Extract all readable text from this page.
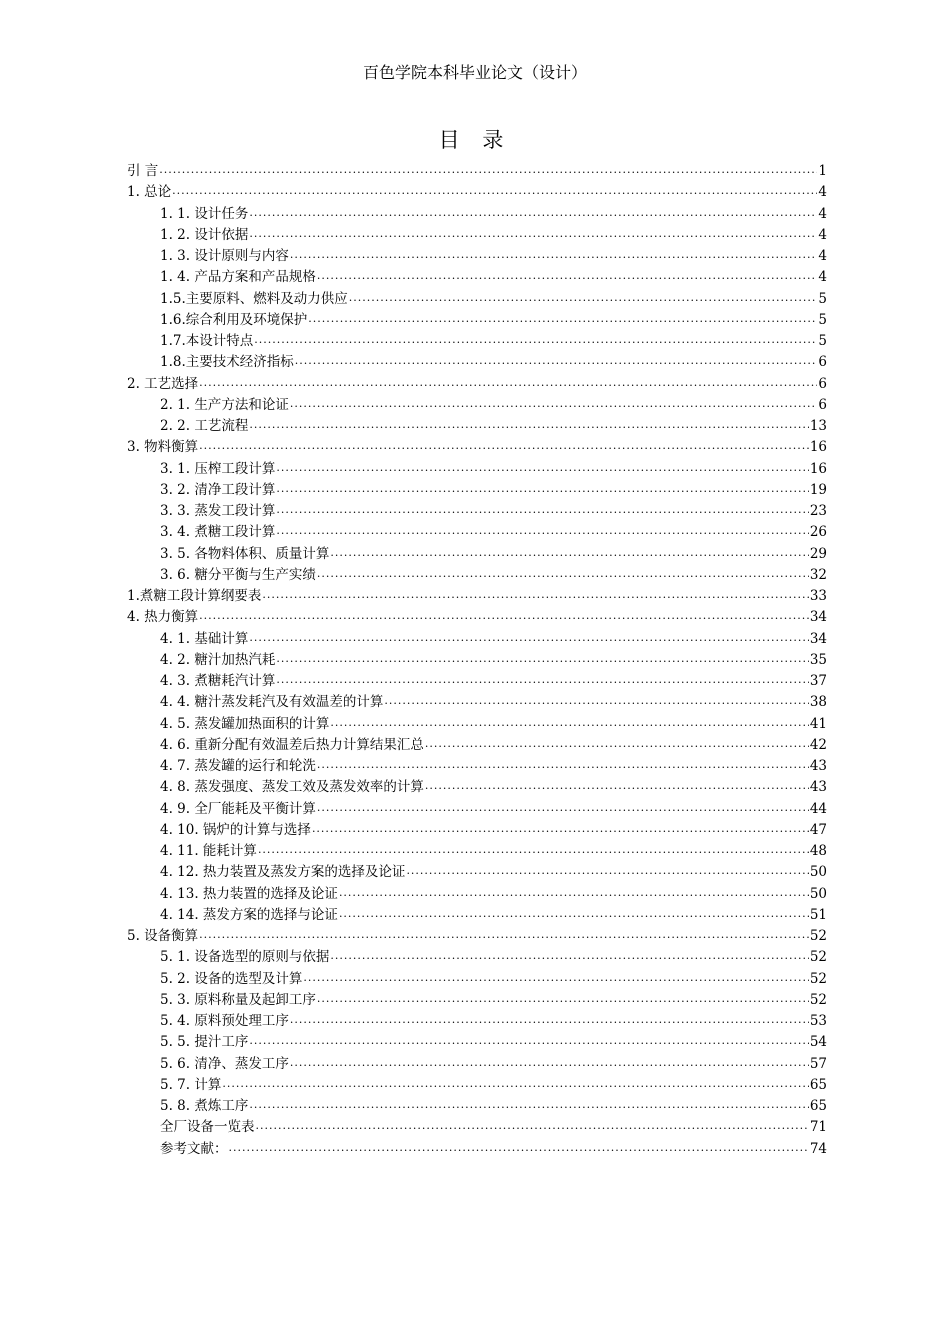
百色学院本科毕业论文（设计）
目 录
引 言 .....	1
1. 总论 .....	4
1. 1. 设计任务 .....	4
1. 2. 设计依据 .....	4
1. 3. 设计原则与内容 .....	4
1. 4. 产品方案和产品规格 .....	4
1.5.主要原料、燃料及动力供应 .....	5
1.6.综合利用及环境保护 .....	5
1.7.本设计特点 .....	5
1.8.主要技术经济指标 .....	6
2. 工艺选择 .....	6
2. 1. 生产方法和论证 .....	6
2. 2. 工艺流程 .....	13
3. 物料衡算 .....	16
3. 1. 压榨工段计算 .....	16
3. 2. 清净工段计算 .....	19
3. 3. 蒸发工段计算 .....	23
3. 4. 煮糖工段计算 .....	26
3. 5. 各物料体积、质量计算 .....	29
3. 6. 糖分平衡与生产实绩 .....	32
1.煮糖工段计算纲要表 .....	33
4. 热力衡算 .....	34
4. 1. 基础计算 .....	34
4. 2. 糖汁加热汽耗 .....	35
4. 3. 煮糖耗汽计算 .....	37
4. 4. 糖汁蒸发耗汽及有效温差的计算 .....	38
4. 5. 蒸发罐加热面积的计算 .....	41
4. 6. 重新分配有效温差后热力计算结果汇总 .....	42
4. 7. 蒸发罐的运行和轮洗 .....	43
4. 8. 蒸发强度、蒸发工效及蒸发效率的计算 .....	43
4. 9. 全厂能耗及平衡计算 .....	44
4. 10. 锅炉的计算与选择 .....	47
4. 11. 能耗计算 .....	48
4. 12. 热力装置及蒸发方案的选择及论证 .....	50
4. 13. 热力装置的选择及论证 .....	50
4. 14. 蒸发方案的选择与论证 .....	51
5. 设备衡算 .....	52
5. 1. 设备选型的原则与依据 .....	52
5. 2. 设备的选型及计算 .....	52
5. 3. 原料称量及起卸工序 .....	52
5. 4. 原料预处理工序 .....	53
5. 5. 提汁工序 .....	54
5. 6. 清净、蒸发工序 .....	57
5. 7. 计算 .....	65
5. 8. 煮炼工序 .....	65
全厂设备一览表 .....	71
参考文献： .....	74
